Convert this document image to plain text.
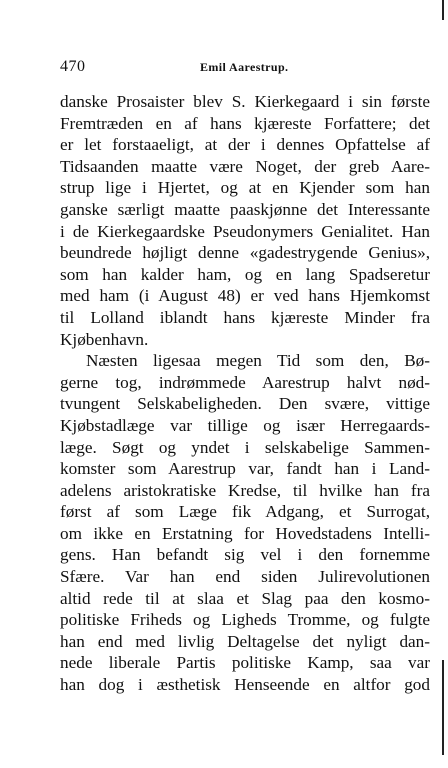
470	Emil Aarestrup.

danske Prosaister blev S. Kierkegaard i sin første
Fremtræden en af hans kjæreste Forfattere; det
er let forstaaeligt, at der i dennes Opfattelse af
Tidsaanden maatte være Noget, der greb Aare-
strup lige i Hjertet, og at en Kjender som han
ganske særligt maatte paaskjønne det Interessante
i de Kierkegaardske Pseudonymers Genialitet. Han
beundrede højligt denne «gadestrygende Genius»,
som han kalder ham, og en lang Spadseretur
med ham (i August 48) er ved hans Hjemkomst
til Lolland iblandt hans kjæreste Minder fra
Kjøbenhavn.

Næsten ligesaa megen Tid som den, Bø-
gerne tog, indrømmede Aarestrup halvt nød-
tvungent Selskabeligheden. Den svære, vittige
Kjøbstadlæge var tillige og især Herregaards-
læge. Søgt og yndet i selskabelige Sammen-
komster som Aarestrup var, fandt han i Land-
adelens aristokratiske Kredse, til hvilke han fra
først af som Læge fik Adgang, et Surrogat,
om ikke en Erstatning for Hovedstadens Intelli-
gens. Han befandt sig vel i den fornemme
Sfære. Var han end siden Julirevolutionen
altid rede til at slaa et Slag paa den kosmo-
politiske Friheds og Ligheds Tromme, og fulgte
han end med livlig Deltagelse det nyligt dan-
nede liberale Partis politiske Kamp, saa var
han dog i æsthetisk Henseende en altfor god
